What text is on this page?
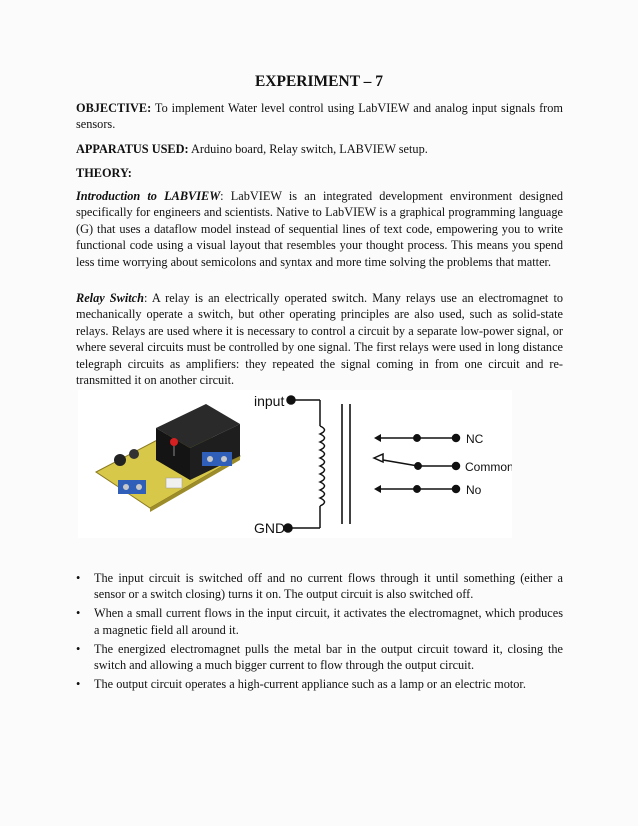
EXPERIMENT – 7
OBJECTIVE: To implement Water level control using LabVIEW and analog input signals from sensors.
APPARATUS USED: Arduino board, Relay switch, LABVIEW setup.
THEORY:
Introduction to LABVIEW: LabVIEW is an integrated development environment designed specifically for engineers and scientists. Native to LabVIEW is a graphical programming language (G) that uses a dataflow model instead of sequential lines of text code, empowering you to write functional code using a visual layout that resembles your thought process. This means you spend less time worrying about semicolons and syntax and more time solving the problems that matter.
Relay Switch: A relay is an electrically operated switch. Many relays use an electromagnet to mechanically operate a switch, but other operating principles are also used, such as solid-state relays. Relays are used where it is necessary to control a circuit by a separate low-power signal, or where several circuits must be controlled by one signal. The first relays were used in long distance telegraph circuits as amplifiers: they repeated the signal coming in from one circuit and re-transmitted it on another circuit.
input
GND
NC
Common
No
• The input circuit is switched off and no current flows through it until something (either a sensor or a switch closing) turns it on. The output circuit is also switched off.
• When a small current flows in the input circuit, it activates the electromagnet, which produces a magnetic field all around it.
• The energized electromagnet pulls the metal bar in the output circuit toward it, closing the switch and allowing a much bigger current to flow through the output circuit.
• The output circuit operates a high-current appliance such as a lamp or an electric motor.
